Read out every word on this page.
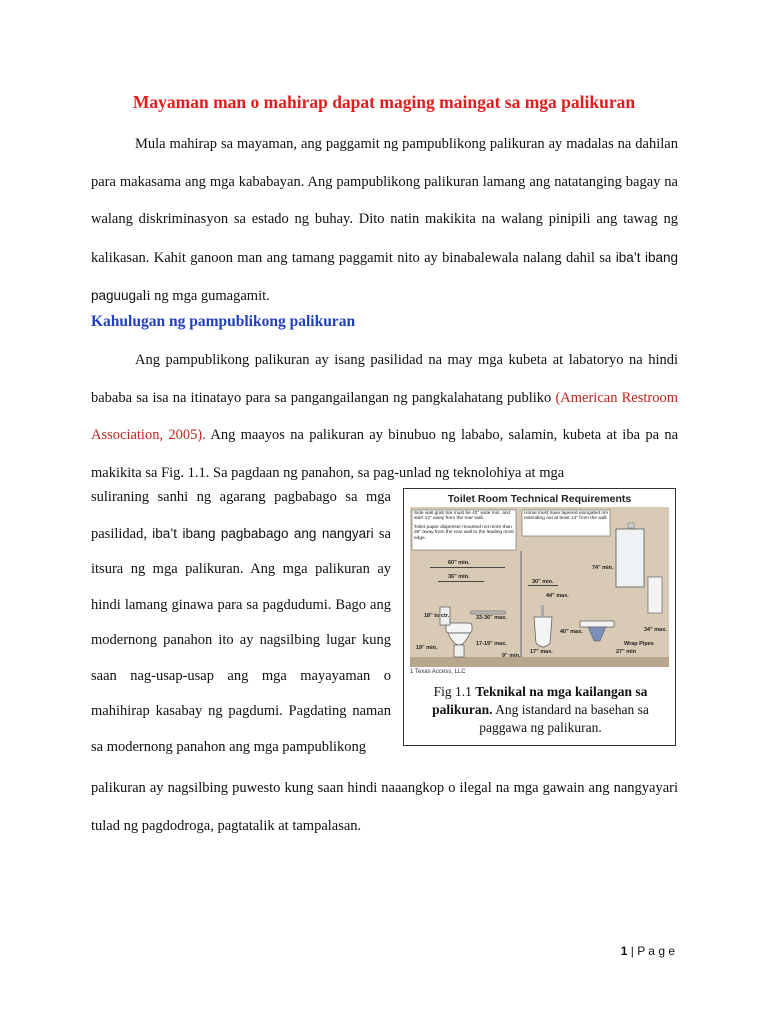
Mayaman man o mahirap dapat maging maingat sa mga palikuran

Mula mahirap sa mayaman, ang paggamit ng pampublikong palikuran ay madalas na dahilan para makasama ang mga kababayan. Ang pampublikong palikuran lamang ang natatanging bagay na walang diskriminasyon sa estado ng buhay. Dito natin makikita na walang pinipili ang tawag ng kalikasan. Kahit ganoon man ang tamang paggamit nito ay binabalewala nalang dahil sa iba’t ibang paguugali ng mga gumagamit.

Kahulugan ng pampublikong palikuran

Ang pampublikong palikuran ay isang pasilidad na may mga kubeta at labatoryo na hindi bababa sa isa na itinatayo para sa pangangailangan ng pangkalahatang publiko (American Restroom Association, 2005). Ang maayos na palikuran ay binubuo ng lababo, salamin, kubeta at iba pa na makikita sa Fig. 1.1. Sa pagdaan ng panahon, sa pag-unlad ng teknolohiya at mga

suliraning sanhi ng agarang pagbabago sa mga pasilidad, iba’t ibang pagbabago ang nangyari sa itsura ng mga palikuran. Ang mga palikuran ay hindi lamang ginawa para sa pagdudumi. Bago ang modernong panahon ito ay nagsilbing lugar kung saan nag-usap-usap ang mga mayayaman o mahihirap kasabay ng pagdumi. Pagdating naman sa modernong panahon ang mga pampublikong

Toilet Room Technical Requirements
Side wall grab bar must be 42" wide min. and start 12" away from the rear wall.
Toilet paper dispenser mounted not more than 36" away from the rear wall to the leading most edge.
Urinal must have tapered elongated rim extending out at least 14" from the wall.
60" min.
36" min.
30" min.
44" max.
74" min.
18" to ctr.	33-36" max.
19" min.
17-19" max.
9" min.
17" max.
40" max.
27" min
34" max.
Wrap Pipes
1 Texas Access, LLC
Fig 1.1 Teknikal na mga kailangan sa palikuran. Ang istandard na basehan sa paggawa ng palikuran.

palikuran ay nagsilbing puwesto kung saan hindi naaangkop o ilegal na mga gawain ang nangyayari tulad ng pagdodroga, pagtatalik at tampalasan.

1 | P a g e
